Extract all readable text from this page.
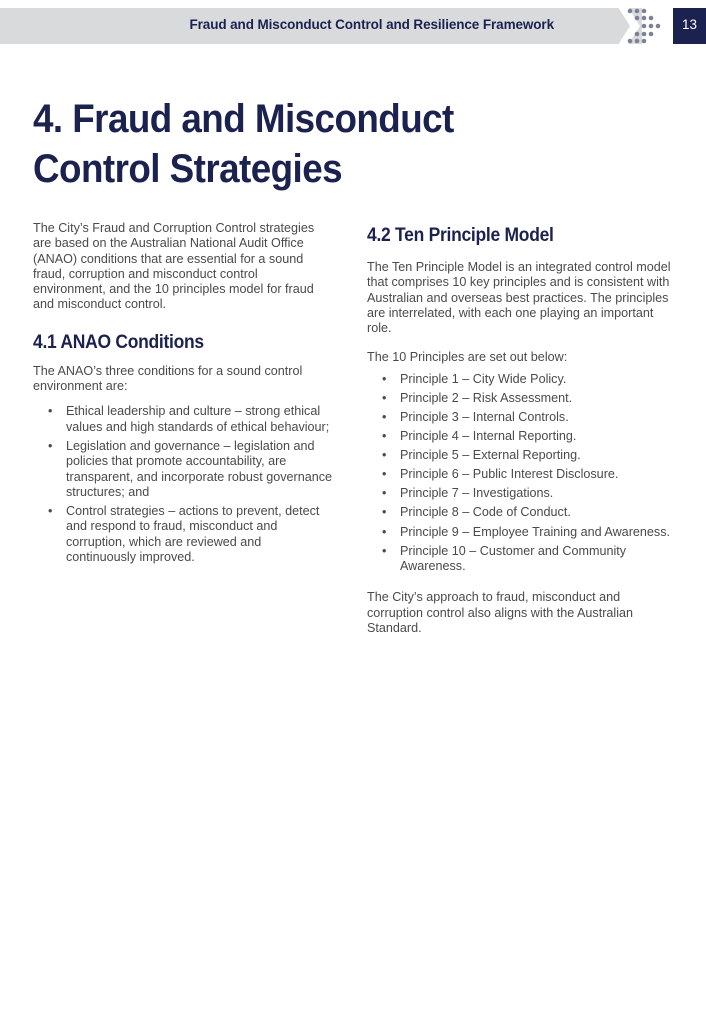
Fraud and Misconduct Control and Resilience Framework	13
4. Fraud and Misconduct
Control Strategies

The City’s Fraud and Corruption Control strategies are based on the Australian National Audit Office (ANAO) conditions that are essential for a sound fraud, corruption and misconduct control environment, and the 10 principles model for fraud and misconduct control.

4.1 ANAO Conditions

The ANAO’s three conditions for a sound control environment are:

• Ethical leadership and culture – strong ethical values and high standards of ethical behaviour;
• Legislation and governance – legislation and policies that promote accountability, are transparent, and incorporate robust governance structures; and
• Control strategies – actions to prevent, detect and respond to fraud, misconduct and corruption, which are reviewed and continuously improved.
4.2 Ten Principle Model

The Ten Principle Model is an integrated control model that comprises 10 key principles and is consistent with Australian and overseas best practices. The principles are interrelated, with each one playing an important role.

The 10 Principles are set out below:

• Principle 1 – City Wide Policy.
• Principle 2 – Risk Assessment.
• Principle 3 – Internal Controls.
• Principle 4 – Internal Reporting.
• Principle 5 – External Reporting.
• Principle 6 – Public Interest Disclosure.
• Principle 7 – Investigations.
• Principle 8 – Code of Conduct.
• Principle 9 – Employee Training and Awareness.
• Principle 10 – Customer and Community Awareness.

The City’s approach to fraud, misconduct and corruption control also aligns with the Australian Standard.
